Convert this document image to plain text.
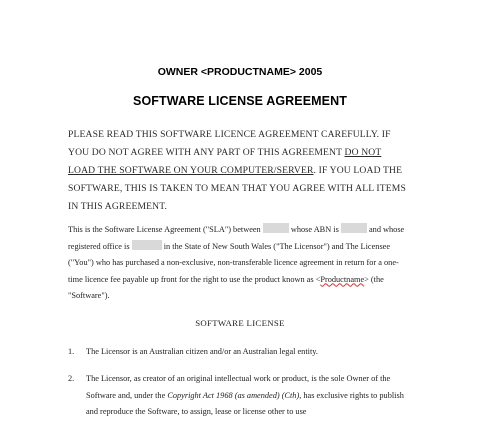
OWNER <PRODUCTNAME> 2005
SOFTWARE LICENSE AGREEMENT
PLEASE READ THIS SOFTWARE LICENCE AGREEMENT CAREFULLY. IF YOU DO NOT AGREE WITH ANY PART OF THIS AGREEMENT DO NOT LOAD THE SOFTWARE ON YOUR COMPUTER/SERVER. IF YOU LOAD THE SOFTWARE, THIS IS TAKEN TO MEAN THAT YOU AGREE WITH ALL ITEMS IN THIS AGREEMENT.
This is the Software License Agreement ("SLA") between	whose ABN is	and whose registered office is	in the State of New South Wales ("The Licensor") and The Licensee ("You") who has purchased a non-exclusive, non-transferable licence agreement in return for a one-time licence fee payable up front for the right to use the product known as <Productname> (the "Software").
SOFTWARE LICENSE
1. The Licensor is an Australian citizen and/or an Australian legal entity.
2. The Licensor, as creator of an original intellectual work or product, is the sole Owner of the Software and, under the Copyright Act 1968 (as amended) (Cth), has exclusive rights to publish and reproduce the Software, to assign, lease or license other to use
